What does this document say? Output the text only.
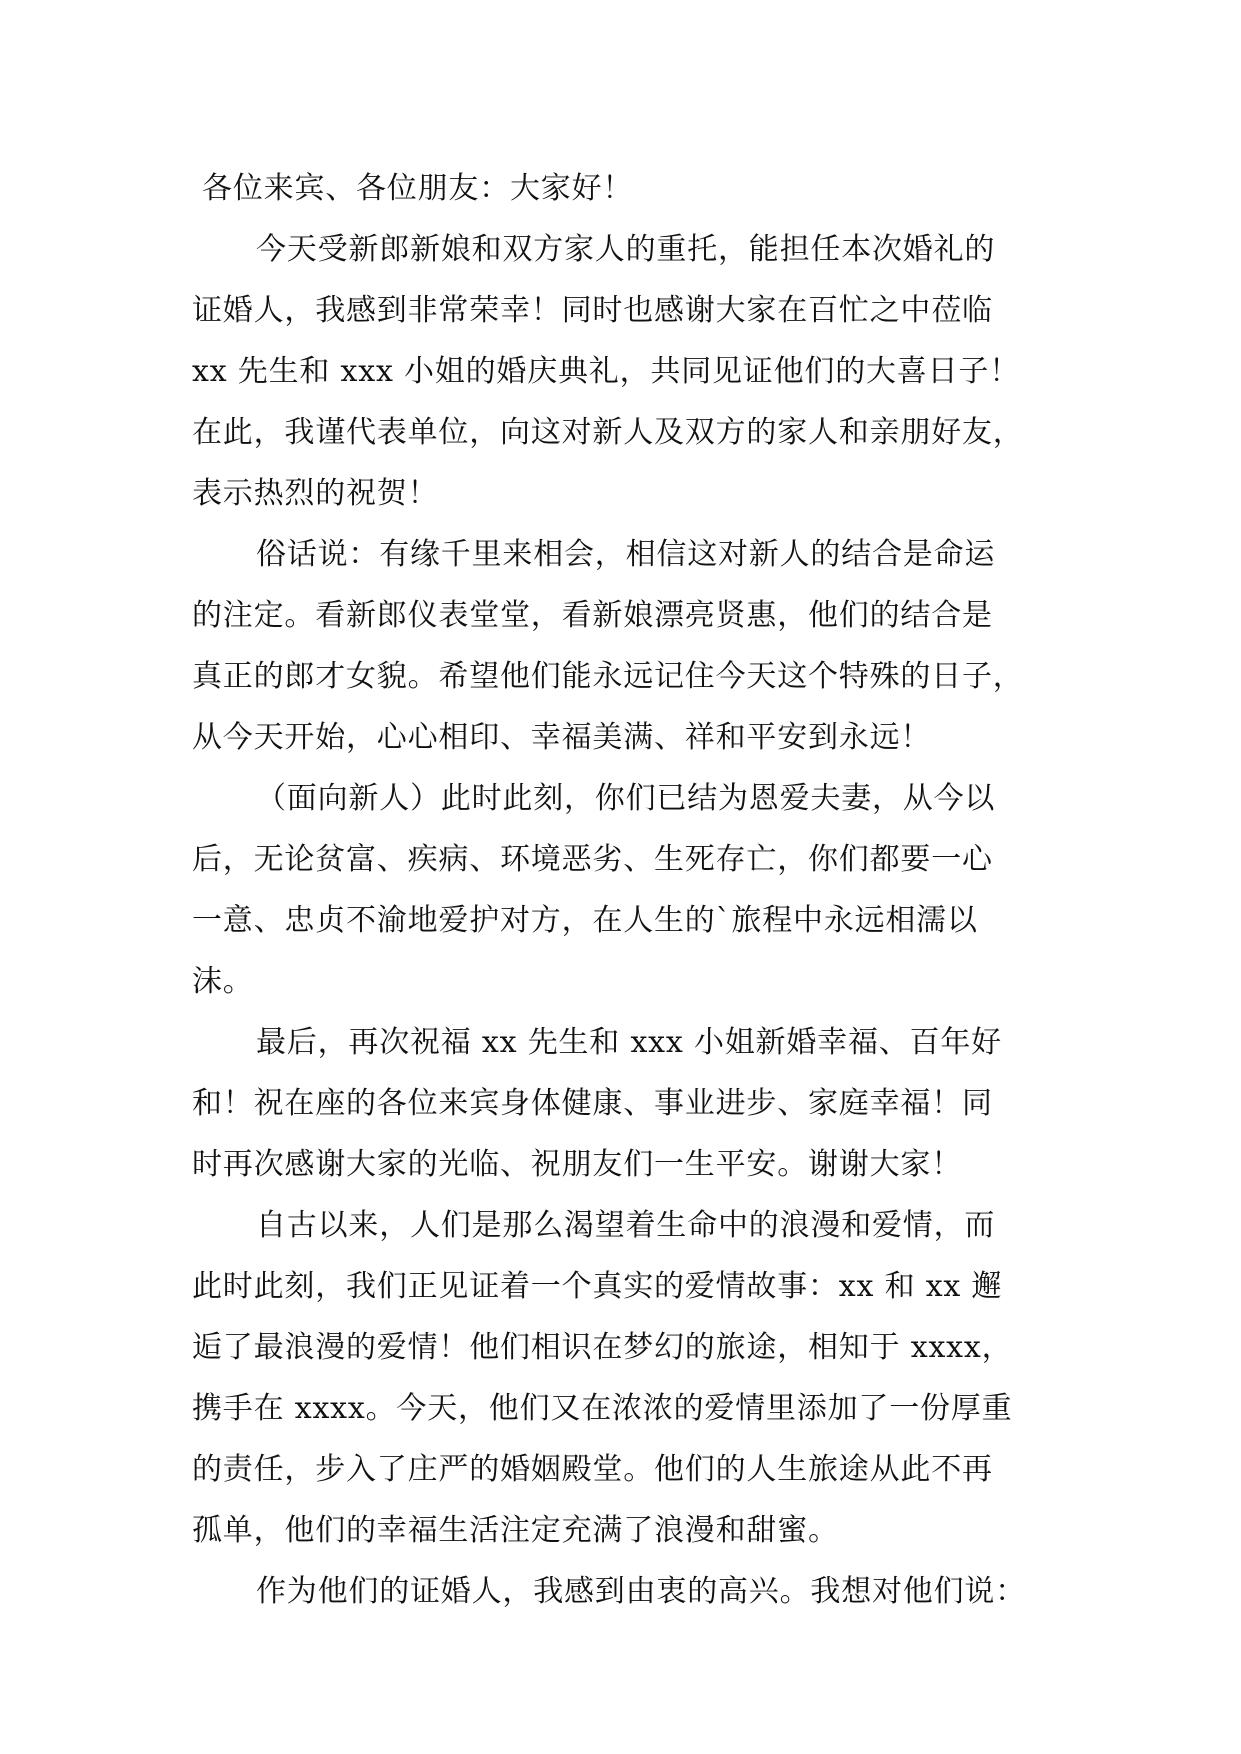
各位来宾、各位朋友：大家好！
今天受新郎新娘和双方家人的重托，能担任本次婚礼的
证婚人，我感到非常荣幸！同时也感谢大家在百忙之中莅临
xx 先生和 xxx 小姐的婚庆典礼，共同见证他们的大喜日子！
在此，我谨代表单位，向这对新人及双方的家人和亲朋好友，
表示热烈的祝贺！
俗话说：有缘千里来相会，相信这对新人的结合是命运
的注定。看新郎仪表堂堂，看新娘漂亮贤惠，他们的结合是
真正的郎才女貌。希望他们能永远记住今天这个特殊的日子，
从今天开始，心心相印、幸福美满、祥和平安到永远！
（面向新人）此时此刻，你们已结为恩爱夫妻，从今以
后，无论贫富、疾病、环境恶劣、生死存亡，你们都要一心
一意、忠贞不渝地爱护对方，在人生的`旅程中永远相濡以
沫。
最后，再次祝福 xx 先生和 xxx 小姐新婚幸福、百年好
和！祝在座的各位来宾身体健康、事业进步、家庭幸福！同
时再次感谢大家的光临、祝朋友们一生平安。谢谢大家！
自古以来，人们是那么渴望着生命中的浪漫和爱情，而
此时此刻，我们正见证着一个真实的爱情故事：xx 和 xx 邂
逅了最浪漫的爱情！他们相识在梦幻的旅途，相知于 xxxx，
携手在 xxxx。今天，他们又在浓浓的爱情里添加了一份厚重
的责任，步入了庄严的婚姻殿堂。他们的人生旅途从此不再
孤单，他们的幸福生活注定充满了浪漫和甜蜜。
作为他们的证婚人，我感到由衷的高兴。我想对他们说：
